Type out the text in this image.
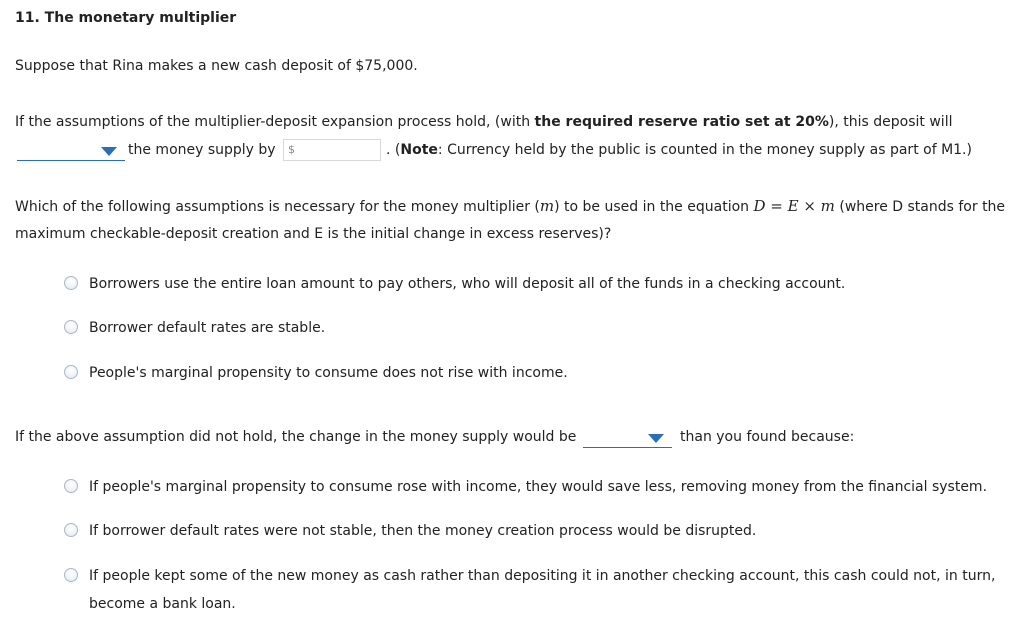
11. The monetary multiplier
Suppose that Rina makes a new cash deposit of $75,000.
If the assumptions of the multiplier-deposit expansion process hold, (with the required reserve ratio set at 20%), this deposit will
the money supply by $	. (Note: Currency held by the public is counted in the money supply as part of M1.)
Which of the following assumptions is necessary for the money multiplier (m) to be used in the equation D = E × m (where D stands for the
maximum checkable-deposit creation and E is the initial change in excess reserves)?
Borrowers use the entire loan amount to pay others, who will deposit all of the funds in a checking account.
Borrower default rates are stable.
People's marginal propensity to consume does not rise with income.
If the above assumption did not hold, the change in the money supply would be	than you found because:
If people's marginal propensity to consume rose with income, they would save less, removing money from the financial system.
If borrower default rates were not stable, then the money creation process would be disrupted.
If people kept some of the new money as cash rather than depositing it in another checking account, this cash could not, in turn,
become a bank loan.
